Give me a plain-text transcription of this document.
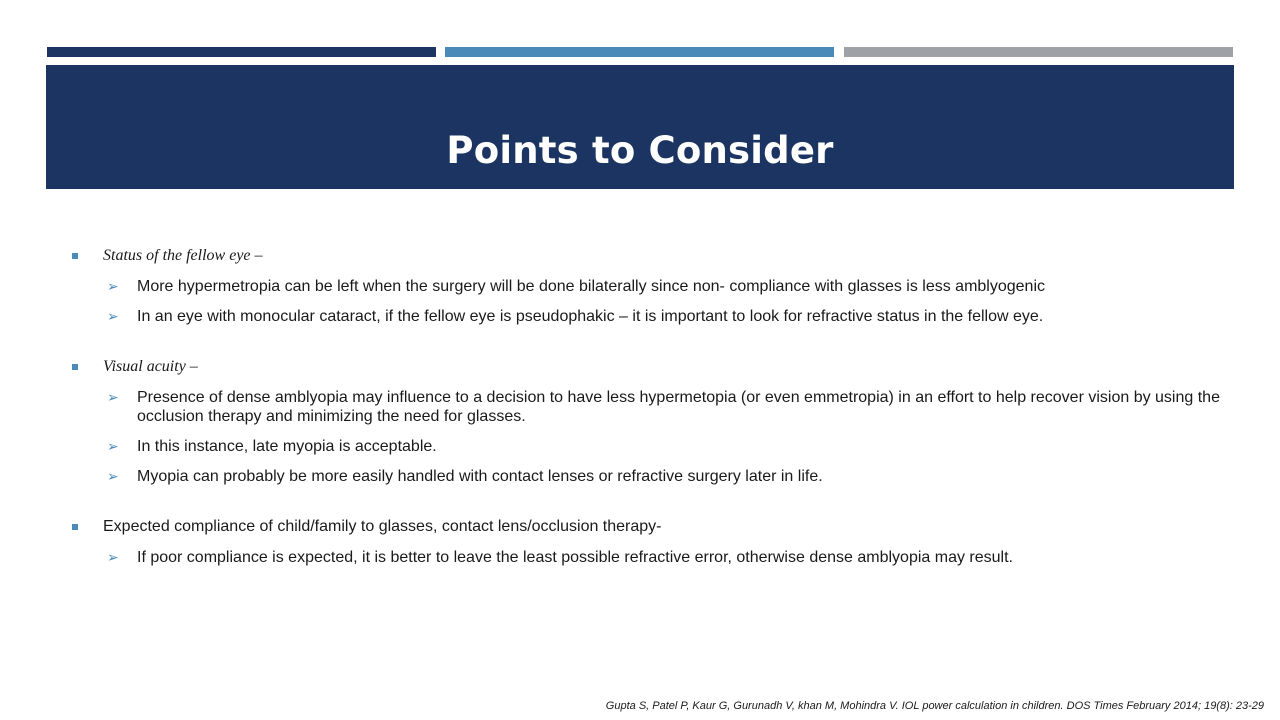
Points to Consider
Status of the fellow eye –
➢ More hypermetropia can be left when the surgery will be done bilaterally since non- compliance with glasses is less amblyogenic
➢ In an eye with monocular cataract, if the fellow eye is pseudophakic – it is important to look for refractive status in the fellow eye.
Visual acuity –
➢ Presence of dense amblyopia may influence to a decision to have less hypermetopia (or even emmetropia) in an effort to help recover vision by using the occlusion therapy and minimizing the need for glasses.
➢ In this instance, late myopia is acceptable.
➢ Myopia can probably be more easily handled with contact lenses or refractive surgery later in life.
Expected compliance of child/family to glasses, contact lens/occlusion therapy-
➢ If poor compliance is expected, it is better to leave the least possible refractive error, otherwise dense amblyopia may result.
Gupta S, Patel P, Kaur G, Gurunadh V, khan M, Mohindra V. IOL power calculation in children. DOS Times February 2014; 19(8): 23-29
